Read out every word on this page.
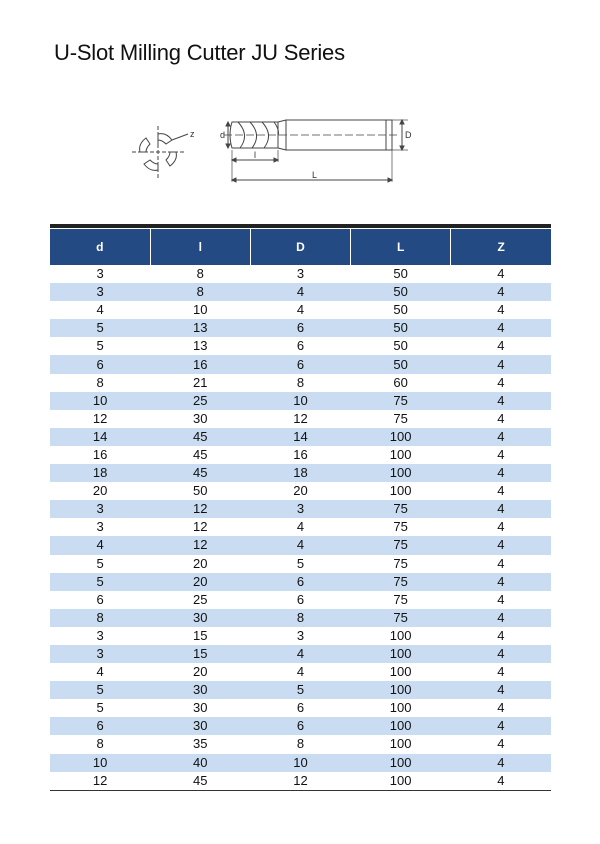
U-Slot Milling Cutter JU Series
z	d	D
l
L
d	l	D	L	Z
3	8	3	50	4
3	8	4	50	4
4	10	4	50	4
5	13	6	50	4
5	13	6	50	4
6	16	6	50	4
8	21	8	60	4
10	25	10	75	4
12	30	12	75	4
14	45	14	100	4
16	45	16	100	4
18	45	18	100	4
20	50	20	100	4
3	12	3	75	4
3	12	4	75	4
4	12	4	75	4
5	20	5	75	4
5	20	6	75	4
6	25	6	75	4
8	30	8	75	4
3	15	3	100	4
3	15	4	100	4
4	20	4	100	4
5	30	5	100	4
5	30	6	100	4
6	30	6	100	4
8	35	8	100	4
10	40	10	100	4
12	45	12	100	4
